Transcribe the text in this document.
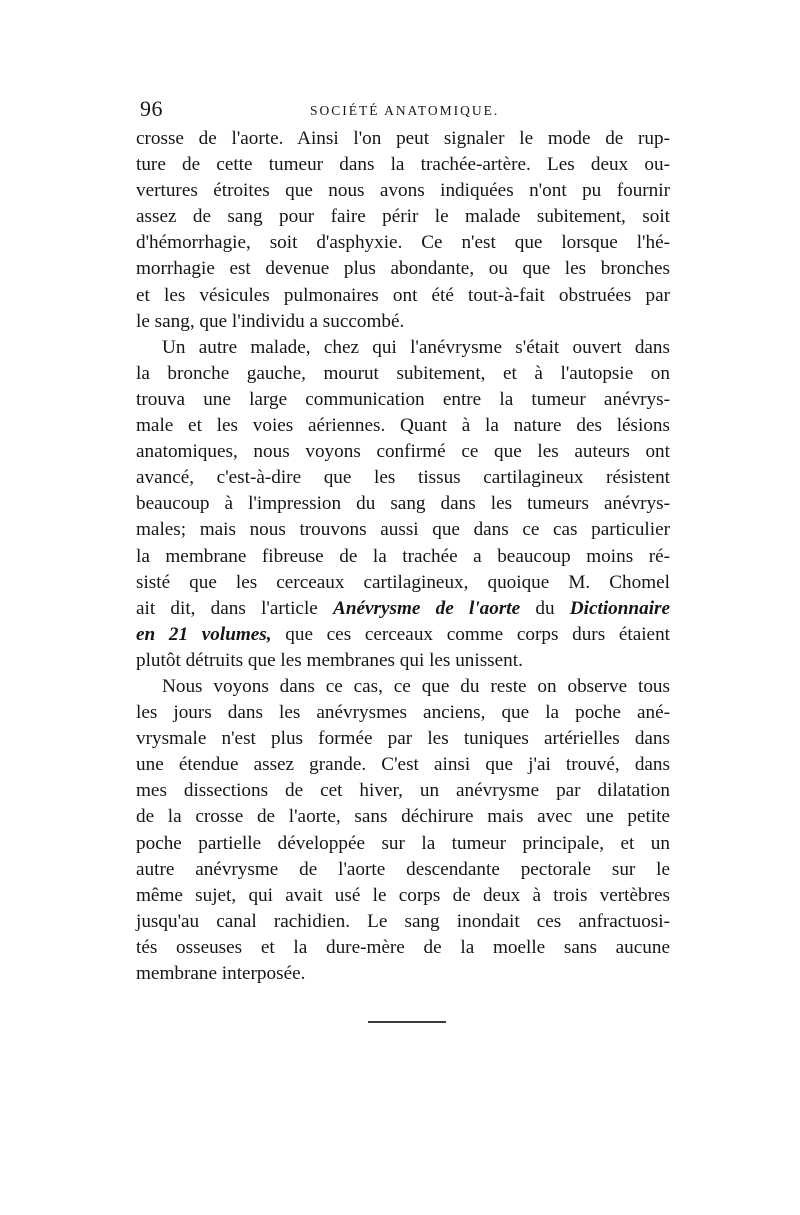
96	SOCIÉTÉ ANATOMIQUE.
crosse de l'aorte. Ainsi l'on peut signaler le mode de rup-
ture de cette tumeur dans la trachée-artère. Les deux ou-
vertures étroites que nous avons indiquées n'ont pu fournir
assez de sang pour faire périr le malade subitement, soit
d'hémorrhagie, soit d'asphyxie. Ce n'est que lorsque l'hé-
morrhagie est devenue plus abondante, ou que les bronches
et les vésicules pulmonaires ont été tout-à-fait obstruées par
le sang, que l'individu a succombé.
Un autre malade, chez qui l'anévrysme s'était ouvert dans
la bronche gauche, mourut subitement, et à l'autopsie on
trouva une large communication entre la tumeur anévrys-
male et les voies aériennes. Quant à la nature des lésions
anatomiques, nous voyons confirmé ce que les auteurs ont
avancé, c'est-à-dire que les tissus cartilagineux résistent
beaucoup à l'impression du sang dans les tumeurs anévrys-
males; mais nous trouvons aussi que dans ce cas particulier
la membrane fibreuse de la trachée a beaucoup moins ré-
sisté que les cerceaux cartilagineux, quoique M. Chomel
ait dit, dans l'article Anévrysme de l'aorte du Dictionnaire
en 21 volumes, que ces cerceaux comme corps durs étaient
plutôt détruits que les membranes qui les unissent.
Nous voyons dans ce cas, ce que du reste on observe tous
les jours dans les anévrysmes anciens, que la poche ané-
vrysmale n'est plus formée par les tuniques artérielles dans
une étendue assez grande. C'est ainsi que j'ai trouvé, dans
mes dissections de cet hiver, un anévrysme par dilatation
de la crosse de l'aorte, sans déchirure mais avec une petite
poche partielle développée sur la tumeur principale, et un
autre anévrysme de l'aorte descendante pectorale sur le
même sujet, qui avait usé le corps de deux à trois vertèbres
jusqu'au canal rachidien. Le sang inondait ces anfractuosi-
tés osseuses et la dure-mère de la moelle sans aucune
membrane interposée.
